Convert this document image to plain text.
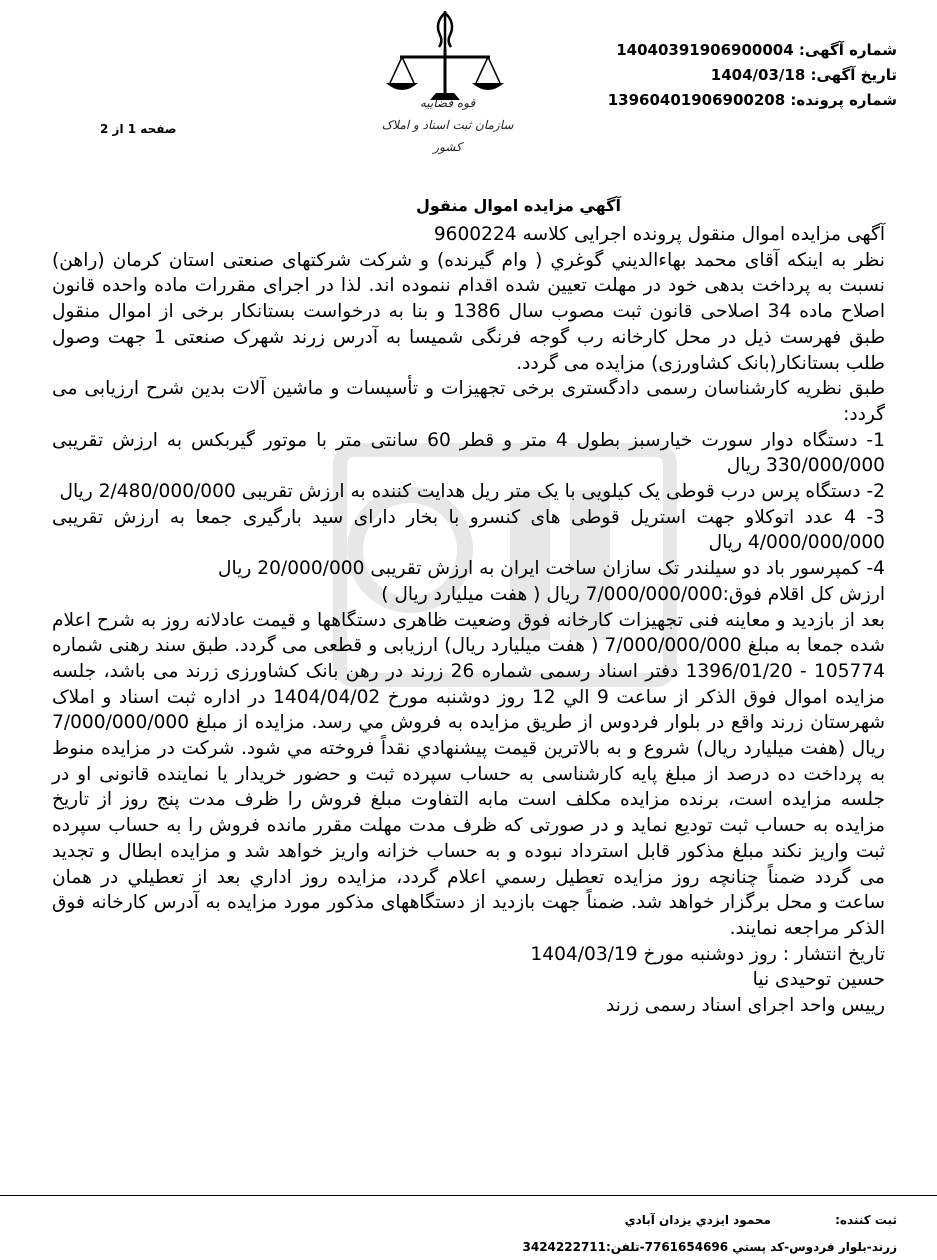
شماره آگهی: 14040391906900004
تاریخ آگهی: 1404/03/18
شماره پرونده: 13960401906900208
صفحه 1 از 2
قوه قضاییه
سازمان ثبت اسناد و املاک کشور
آگهي مزايده اموال منقول

آگهی مزایده اموال منقول پرونده اجرایی کلاسه 9600224

نظر به اینکه آقای محمد بهاءالديني گوغري ( وام گیرنده) و شرکت شرکتهای صنعتی استان کرمان (راهن) نسبت به پرداخت بدهی خود در مهلت تعیین شده اقدام ننموده اند. لذا در اجرای مقررات ماده واحده قانون اصلاح ماده 34 اصلاحی قانون ثبت مصوب سال 1386 و بنا به درخواست بستانکار برخی از اموال منقول طبق فهرست ذیل در محل کارخانه رب گوجه فرنگی شمیسا به آدرس زرند شهرک صنعتی 1 جهت وصول طلب بستانکار(بانک کشاورزی) مزایده می گردد.

طبق نظریه کارشناسان رسمی دادگستری برخی تجهیزات و تأسیسات و ماشین آلات بدین شرح ارزیابی می گردد:

1- دستگاه دوار سورت خیارسبز بطول 4 متر و قطر 60 سانتی متر با موتور گیربکس به ارزش تقریبی 330/000/000 ریال

2- دستگاه پرس درب قوطی یک کیلویی با یک متر ریل هدایت کننده به ارزش تقریبی 2/480/000/000 ریال

3- 4 عدد اتوکلاو جهت استریل قوطی های کنسرو با بخار دارای سید بارگیری جمعا به ارزش تقریبی 4/000/000/000 ریال

4- کمپرسور باد دو سیلندر تک سازان ساخت ایران به ارزش تقریبی 20/000/000 ریال

ارزش کل اقلام فوق:7/000/000/000 ریال ( هفت میلیارد ریال )

بعد از بازدید و معاینه فنی تجهیزات کارخانه فوق وضعیت ظاهری دستگاهها و قیمت عادلانه روز به شرح اعلام شده جمعا به مبلغ 7/000/000/000 ( هفت میلیارد ریال) ارزیابی و قطعی می گردد. طبق سند رهنی شماره 105774 - 1396/01/20 دفتر اسناد رسمی شماره 26 زرند در رهن بانک کشاورزی زرند می باشد، جلسه مزایده اموال فوق الذکر از ساعت 9 الي 12 روز دوشنبه مورخ 1404/04/02 در اداره ثبت اسناد و املاک شهرستان زرند واقع در بلوار فردوس از طریق مزایده به فروش مي رسد. مزایده از مبلغ 7/000/000/000 ریال (هفت میلیارد ریال) شروع و به بالاترین قیمت پیشنهادي نقداً فروخته مي شود. شرکت در مزایده منوط به پرداخت ده درصد از مبلغ پایه کارشناسی به حساب سپرده ثبت و حضور خریدار یا نماینده قانونی او در جلسه مزایده است، برنده مزایده مکلف است مابه التفاوت مبلغ فروش را ظرف مدت پنج روز از تاریخ مزایده به حساب ثبت تودیع نماید و در صورتی که ظرف مدت مهلت مقرر مانده فروش را به حساب سپرده ثبت واریز نکند مبلغ مذکور قابل استرداد نبوده و به حساب خزانه واریز خواهد شد و مزایده ابطال و تجدید می گردد ضمناً چنانچه روز مزايده تعطيل رسمي اعلام گردد، مزايده روز اداري بعد از تعطيلي در همان ساعت و محل برگزار خواهد شد. ضمناً جهت بازدید از دستگاههای مذکور مورد مزایده به آدرس کارخانه فوق الذکر مراجعه نمایند.

تاریخ انتشار : روز دوشنبه مورخ 1404/03/19

حسين توحيدی نيا

رييس واحد اجرای اسناد رسمی زرند

ثبت کننده: محمود ايزدي يزدان آبادي
زرند-بلوار فردوس-کد پستي 7761654696-تلفن:3424222711
